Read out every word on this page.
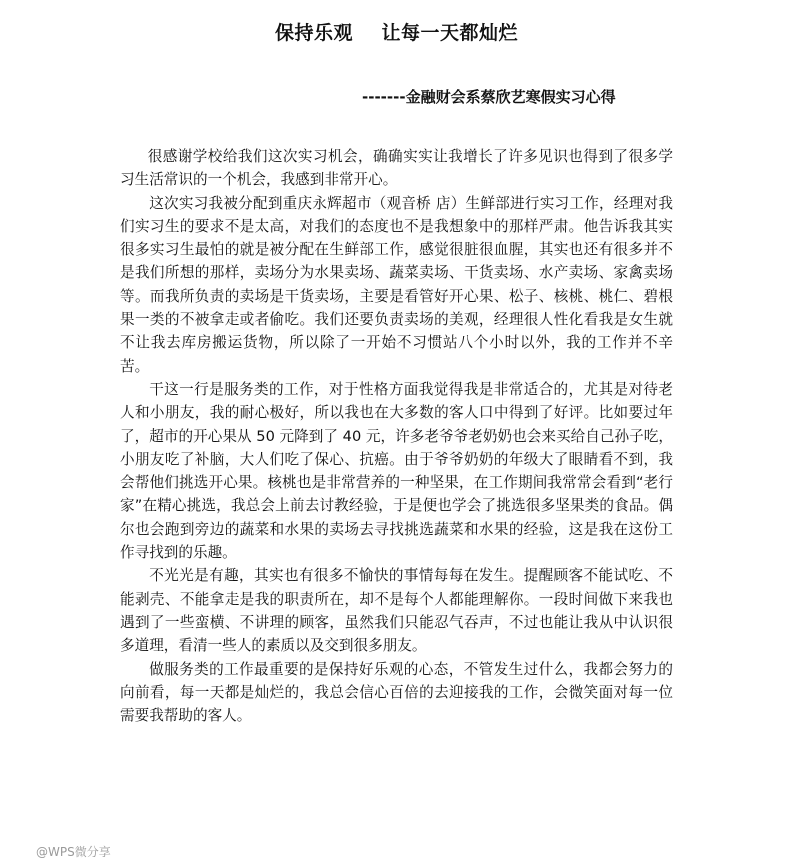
保持乐观    让每一天都灿烂
-------金融财会系蔡欣艺寒假实习心得

很感谢学校给我们这次实习机会，确确实实让我增长了许多见识也得到了很多学习生活常识的一个机会，我感到非常开心。

这次实习我被分配到重庆永辉超市（观音桥 店）生鲜部进行实习工作，经理对我们实习生的要求不是太高，对我们的态度也不是我想象中的那样严肃。他告诉我其实很多实习生最怕的就是被分配在生鲜部工作，感觉很脏很血腥，其实也还有很多并不是我们所想的那样，卖场分为水果卖场、蔬菜卖场、干货卖场、水产卖场、家禽卖场等。而我所负责的卖场是干货卖场，主要是看管好开心果、松子、核桃、桃仁、碧根果一类的不被拿走或者偷吃。我们还要负责卖场的美观，经理很人性化看我是女生就不让我去库房搬运货物，所以除了一开始不习惯站八个小时以外，我的工作并不辛苦。

干这一行是服务类的工作，对于性格方面我觉得我是非常适合的，尤其是对待老人和小朋友，我的耐心极好，所以我也在大多数的客人口中得到了好评。比如要过年了，超市的开心果从 50 元降到了 40 元，许多老爷爷老奶奶也会来买给自己孙子吃，小朋友吃了补脑，大人们吃了保心、抗癌。由于爷爷奶奶的年级大了眼睛看不到，我会帮他们挑选开心果。核桃也是非常营养的一种坚果，在工作期间我常常会看到“老行家”在精心挑选，我总会上前去讨教经验，于是便也学会了挑选很多坚果类的食品。偶尔也会跑到旁边的蔬菜和水果的卖场去寻找挑选蔬菜和水果的经验，这是我在这份工作寻找到的乐趣。

不光光是有趣，其实也有很多不愉快的事情每每在发生。提醒顾客不能试吃、不能剥壳、不能拿走是我的职责所在，却不是每个人都能理解你。一段时间做下来我也遇到了一些蛮横、不讲理的顾客，虽然我们只能忍气吞声，不过也能让我从中认识很多道理，看清一些人的素质以及交到很多朋友。

做服务类的工作最重要的是保持好乐观的心态，不管发生过什么，我都会努力的向前看，每一天都是灿烂的，我总会信心百倍的去迎接我的工作，会微笑面对每一位需要我帮助的客人。

@WPS微分享
